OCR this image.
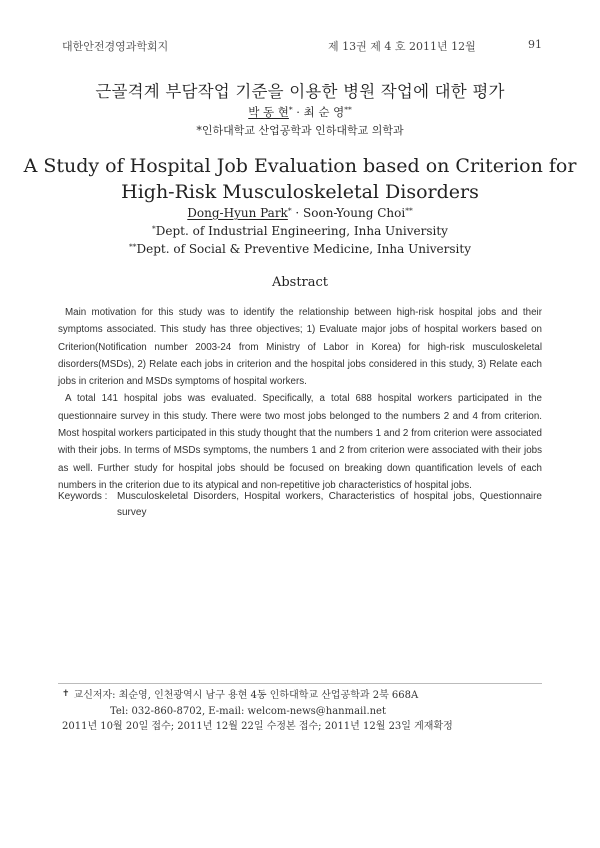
대한안전경영과학회지	제 13권 제 4 호 2011년 12월	91
근골격계 부담작업 기준을 이용한 병원 작업에 대한 평가
박 동 현* · 최 순 영**
*인하대학교 산업공학과 인하대학교 의학과
A Study of Hospital Job Evaluation based on Criterion for
High-Risk Musculoskeletal Disorders
Dong-Hyun Park* · Soon-Young Choi**
*Dept. of Industrial Engineering, Inha University
**Dept. of Social & Preventive Medicine, Inha University
Abstract

Main motivation for this study was to identify the relationship between high-risk hospital jobs and their symptoms associated. This study has three objectives; 1) Evaluate major jobs of hospital workers based on Criterion(Notification number 2003-24 from Ministry of Labor in Korea) for high-risk musculoskeletal disorders(MSDs), 2) Relate each jobs in criterion and the hospital jobs considered in this study, 3) Relate each jobs in criterion and MSDs symptoms of hospital workers.

A total 141 hospital jobs was evaluated. Specifically, a total 688 hospital workers participated in the questionnaire survey in this study. There were two most jobs belonged to the numbers 2 and 4 from criterion. Most hospital workers participated in this study thought that the numbers 1 and 2 from criterion were associated with their jobs. In terms of MSDs symptoms, the numbers 1 and 2 from criterion were associated with their jobs as well. Further study for hospital jobs should be focused on breaking down quantification levels of each numbers in the criterion due to its atypical and non-repetitive job characteristics of hospital jobs.

Keywords : Musculoskeletal Disorders, Hospital workers, Characteristics of hospital jobs, Questionnaire survey
✝ 교신저자: 최순영, 인천광역시 남구 용현 4동 인하대학교 산업공학과 2북 668A
Tel: 032-860-8702, E-mail: welcom-news@hanmail.net
2011년 10월 20일 접수; 2011년 12월 22일 수정본 접수; 2011년 12월 23일 게재확정
